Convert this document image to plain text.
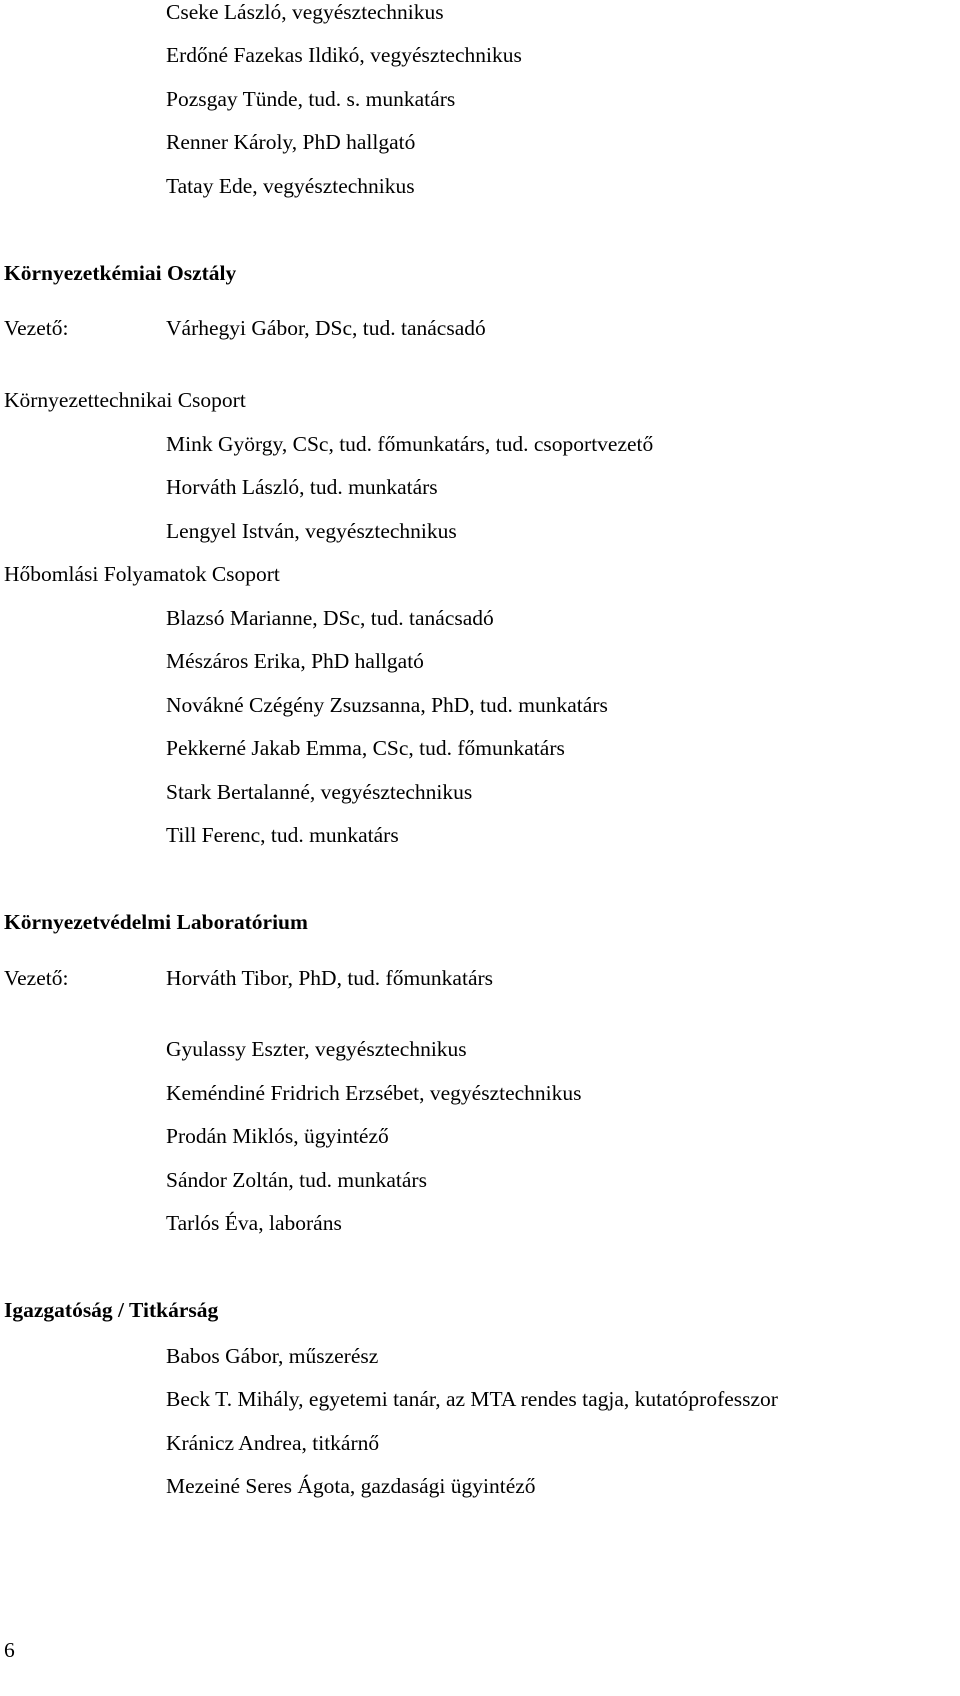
Cseke László, vegyésztechnikus
Erdőné Fazekas Ildikó, vegyésztechnikus
Pozsgay Tünde, tud. s. munkatárs
Renner Károly, PhD hallgató
Tatay Ede, vegyésztechnikus
Környezetkémiai Osztály
Vezető:	Várhegyi Gábor, DSc, tud. tanácsadó
Környezettechnikai Csoport
Mink György, CSc, tud. főmunkatárs, tud. csoportvezető
Horváth László, tud. munkatárs
Lengyel István, vegyésztechnikus
Hőbomlási Folyamatok Csoport
Blazsó Marianne, DSc, tud. tanácsadó
Mészáros Erika, PhD hallgató
Novákné Czégény Zsuzsanna, PhD, tud. munkatárs
Pekkerné Jakab Emma, CSc, tud. főmunkatárs
Stark Bertalanné, vegyésztechnikus
Till Ferenc, tud. munkatárs
Környezetvédelmi Laboratórium
Vezető:	Horváth Tibor, PhD, tud. főmunkatárs
Gyulassy Eszter, vegyésztechnikus
Keméndiné Fridrich Erzsébet, vegyésztechnikus
Prodán Miklós, ügyintéző
Sándor Zoltán, tud. munkatárs
Tarlós Éva, laboráns
Igazgatóság / Titkárság
Babos Gábor, műszerész
Beck T. Mihály, egyetemi tanár, az MTA rendes tagja, kutatóprofesszor
Kránicz Andrea, titkárnő
Mezeiné Seres Ágota, gazdasági ügyintéző
6
